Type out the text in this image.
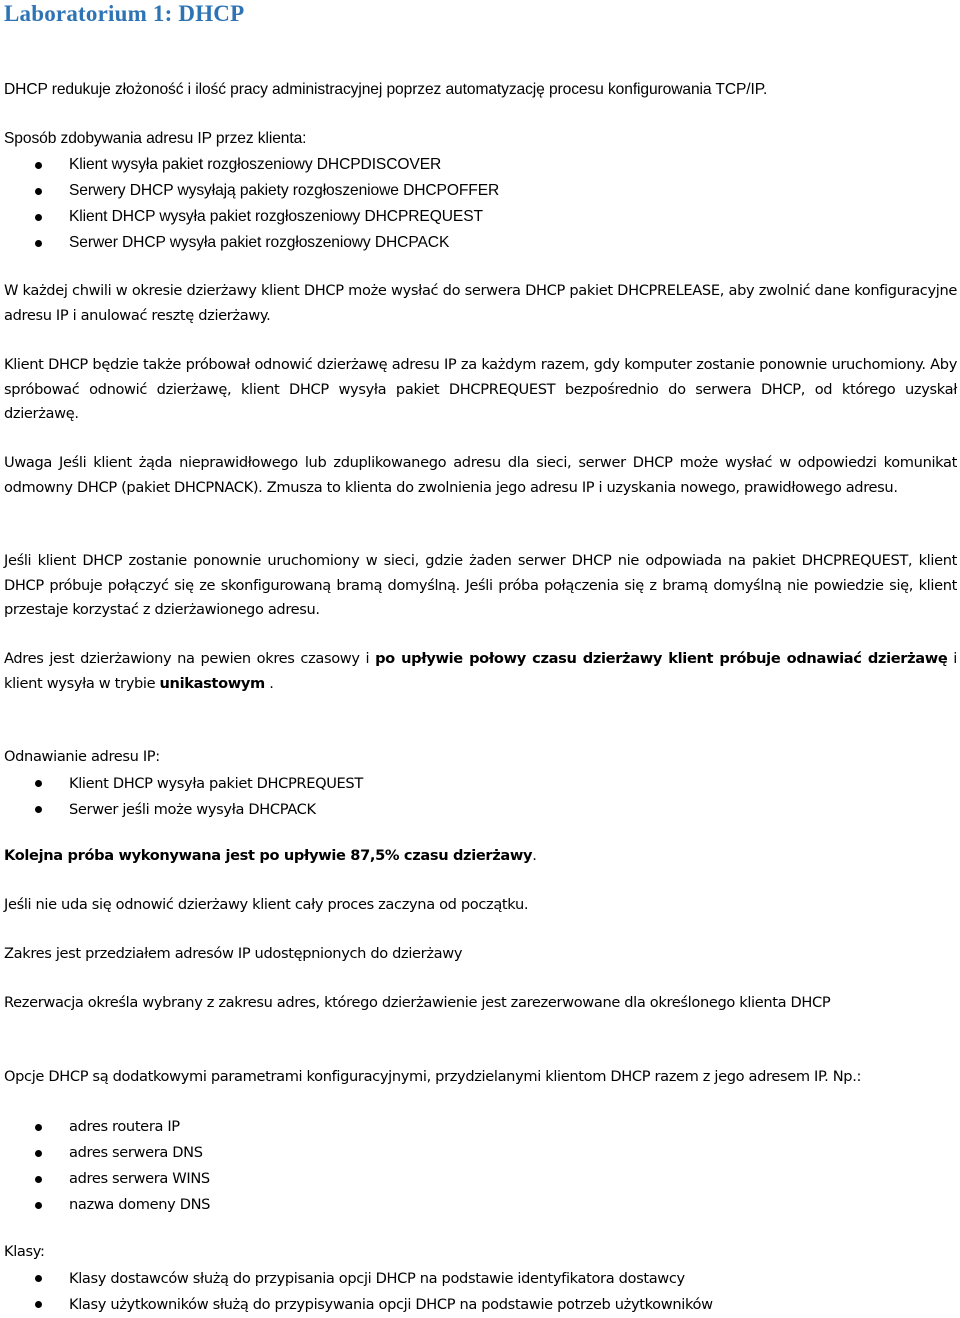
Laboratorium 1: DHCP

DHCP redukuje złożoność i ilość pracy administracyjnej poprzez automatyzację procesu konfigurowania TCP/IP.

Sposób zdobywania adresu IP przez klienta:
Klient wysyła pakiet rozgłoszeniowy DHCPDISCOVER
Serwery DHCP wysyłają pakiety rozgłoszeniowe DHCPOFFER
Klient DHCP wysyła pakiet rozgłoszeniowy DHCPREQUEST
Serwer DHCP wysyła pakiet rozgłoszeniowy DHCPACK

W każdej chwili w okresie dzierżawy klient DHCP może wysłać do serwera DHCP pakiet DHCPRELEASE, aby zwolnić dane konfiguracyjne adresu IP i anulować resztę dzierżawy.

Klient DHCP będzie także próbował odnowić dzierżawę adresu IP za każdym razem, gdy komputer zostanie ponownie uruchomiony. Aby spróbować odnowić dzierżawę, klient DHCP wysyła pakiet DHCPREQUEST bezpośrednio do serwera DHCP, od którego uzyskał dzierżawę.

Uwaga Jeśli klient żąda nieprawidłowego lub zduplikowanego adresu dla sieci, serwer DHCP może wysłać w odpowiedzi komunikat odmowny DHCP (pakiet DHCPNACK). Zmusza to klienta do zwolnienia jego adresu IP i uzyskania nowego, prawidłowego adresu.

Jeśli klient DHCP zostanie ponownie uruchomiony w sieci, gdzie żaden serwer DHCP nie odpowiada na pakiet DHCPREQUEST, klient DHCP próbuje połączyć się ze skonfigurowaną bramą domyślną. Jeśli próba połączenia się z bramą domyślną nie powiedzie się, klient przestaje korzystać z dzierżawionego adresu.

Adres jest dzierżawiony na pewien okres czasowy i po upływie połowy czasu dzierżawy klient próbuje odnawiać dzierżawę i klient wysyła w trybie unikastowym .

Odnawianie adresu IP:
Klient DHCP wysyła pakiet DHCPREQUEST
Serwer jeśli może wysyła DHCPACK

Kolejna próba wykonywana jest po upływie 87,5% czasu dzierżawy.

Jeśli nie uda się odnowić dzierżawy klient cały proces zaczyna od początku.

Zakres jest przedziałem adresów IP udostępnionych do dzierżawy

Rezerwacja określa wybrany z zakresu adres, którego dzierżawienie jest zarezerwowane dla określonego klienta DHCP

Opcje DHCP są dodatkowymi parametrami konfiguracyjnymi, przydzielanymi klientom DHCP razem z jego adresem IP. Np.:

adres routera IP
adres serwera DNS
adres serwera WINS
nazwa domeny DNS
Klasy:
Klasy dostawców służą do przypisania opcji DHCP na podstawie identyfikatora dostawcy
Klasy użytkowników służą do przypisywania opcji DHCP na podstawie potrzeb użytkowników
